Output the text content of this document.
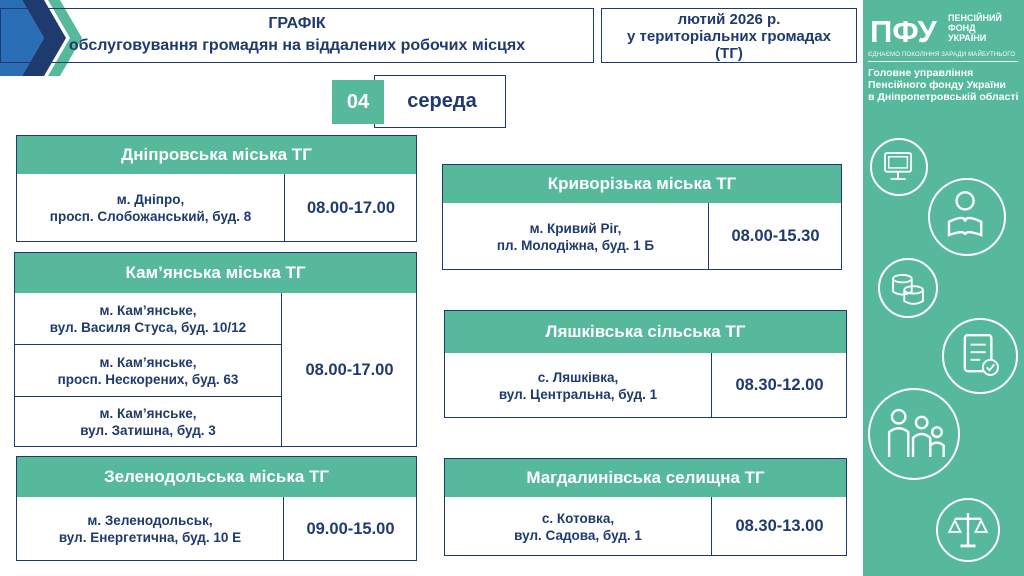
ГРАФІК
обслуговування громадян на віддалених робочих місцях
лютий 2026 р.
у територіальних громадах
(ТГ)
середа
04
ПФУ ПЕНСІЙНИЙ
ФОНД
УКРАЇНИ
ЄДНАЄМО ПОКОЛІННЯ ЗАРАДИ МАЙБУТНЬОГО
Головне управління
Пенсійного фонду України
в Дніпропетровській області
Дніпровська міська ТГ
м. Дніпро,
просп. Слобожанський, буд. 8	08.00-17.00
Кам’янська міська ТГ
м. Кам’янське,
вул. Василя Стуса, буд. 10/12
м. Кам’янське,
просп. Нескорених, буд. 63
м. Кам’янське,
вул. Затишна, буд. 3
08.00-17.00
Зеленодольська міська ТГ
м. Зеленодольськ,
вул. Енергетична, буд. 10 Е	09.00-15.00
Криворізька міська ТГ
м. Кривий Ріг,
пл. Молодіжна, буд. 1 Б	08.00-15.30
Ляшківська сільська ТГ
с. Ляшківка,
вул. Центральна, буд. 1	08.30-12.00
Магдалинівська селищна ТГ
с. Котовка,
вул. Садова, буд. 1	08.30-13.00
